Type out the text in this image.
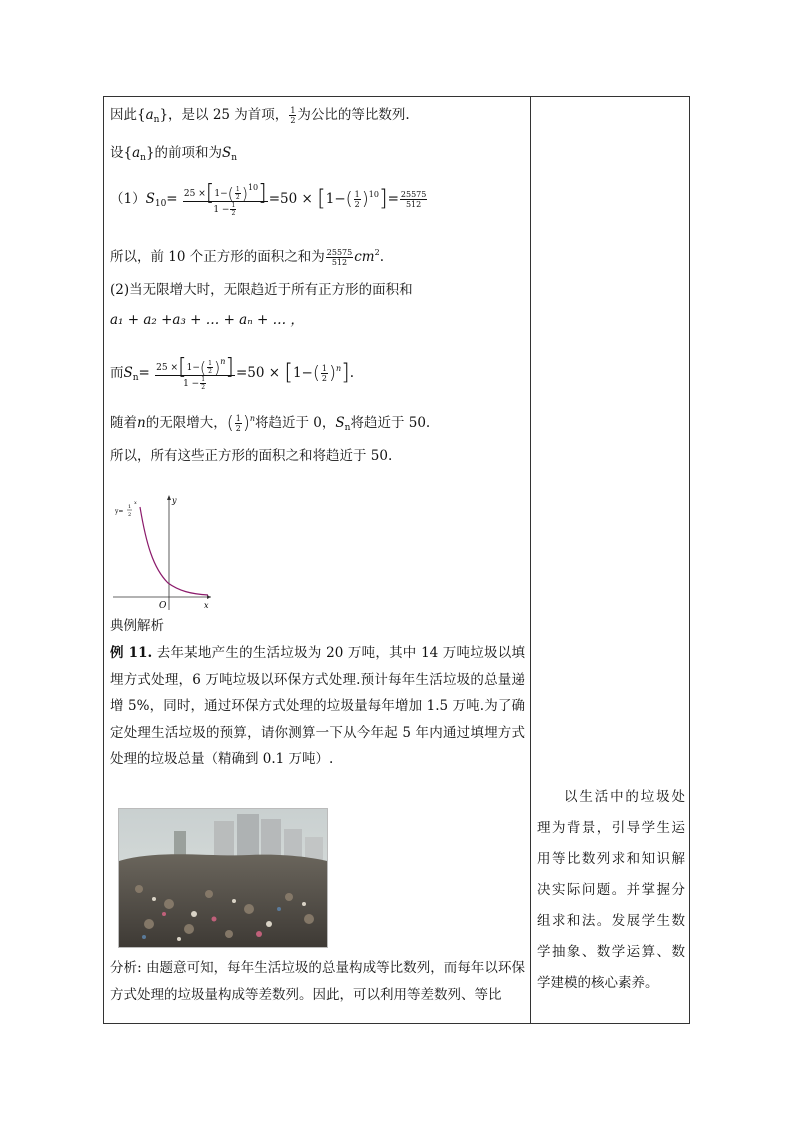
因此$\{a_n\}$，是以 25 为首项， $\frac{1}{2}$ 为公比的等比数列.
设$\{a_n\}$的前项和为$S_n$
$(1)S_{10}= \frac{25 \times[1-( \frac{1}{2} )10]}{1 - \frac{1}{2}} =50 \times [1-( \frac{1}{2} )^{10}]= \frac{25575}{512}$
所以，前 10 个正方形的面积之和为 $\frac{25575}{512} cm^2$.
(2)当无限增大时，无限趋近于所有正方形的面积和
a₁ + a₂ +a₃ + … + aₙ + … ，
而$S_n= \frac{25 \times[1-( \frac{1}{2} )n]}{1 - \frac{1}{2}} =50 \times [1-( \frac{1}{2} )^n]$.
随着n的无限增大，( $\frac{1}{2} )^n$将趋近于 0，$S_n$将趋近于 50.
所以，所有这些正方形的面积之和将趋近于 50.
典例解析
例 11. 去年某地产生的生活垃圾为 20 万吨，其中 14 万吨垃圾以填埋方式处理，6 万吨垃圾以环保方式处理.预计每年生活垃圾的总量递增 5%，同时，通过环保方式处理的垃圾量每年增加 1.5 万吨.为了确定处理生活垃圾的预算，请你测算一下从今年起 5 年内通过填埋方式处理的垃圾总量（精确到 0.1 万吨）.
分析: 由题意可知，每年生活垃圾的总量构成等比数列，而每年以环保方式处理的垃圾量构成等差数列。因此，可以利用等差数列、等比
y
x
O
y=
1
2
x
以生活中的垃圾处理为背景，引导学生运用等比数列求和知识解决实际问题。并掌握分组求和法。发展学生数学抽象、数学运算、数学建模的核心素养。
